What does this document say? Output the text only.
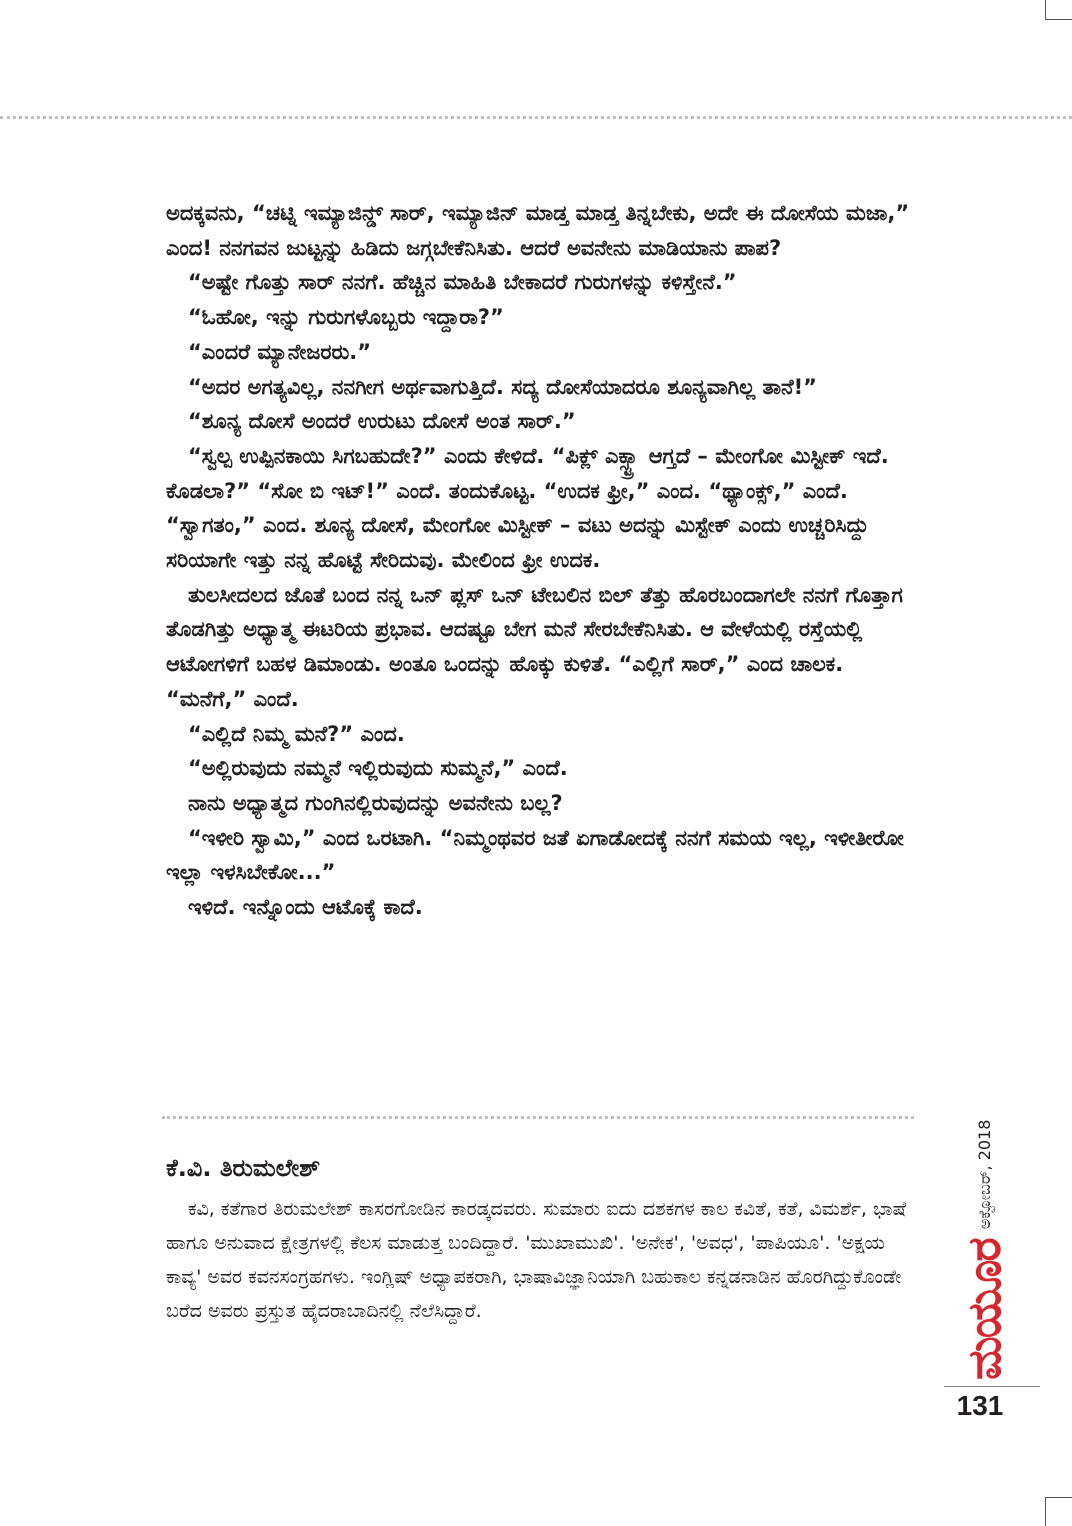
ಅದಕ್ಕವನು, “ಚಟ್ನಿ ಇಮ್ಯಾಜಿನ್ಡ್ ಸಾರ್, ಇಮ್ಯಾಜಿನ್ ಮಾಡ್ತ ಮಾಡ್ತ ತಿನ್ನಬೇಕು, ಅದೇ ಈ ದೋಸೆಯ ಮಜಾ,” ಎಂದ! ನನಗವನ ಜುಟ್ಟನ್ನು ಹಿಡಿದು ಜಗ್ಗಬೇಕೆನಿಸಿತು. ಆದರೆ ಅವನೇನು ಮಾಡಿಯಾನು ಪಾಪ?

“ಅಷ್ಟೇ ಗೊತ್ತು ಸಾರ್ ನನಗೆ. ಹೆಚ್ಚಿನ ಮಾಹಿತಿ ಬೇಕಾದರೆ ಗುರುಗಳನ್ನು ಕಳಿಸ್ತೇನೆ.”

“ಓಹೋ, ಇನ್ನು ಗುರುಗಳೊಬ್ಬರು ಇದ್ದಾರಾ?”

“ಎಂದರೆ ಮ್ಯಾನೇಜರರು.”

“ಅದರ ಅಗತ್ಯವಿಲ್ಲ, ನನಗೀಗ ಅರ್ಥವಾಗುತ್ತಿದೆ. ಸದ್ಯ ದೋಸೆಯಾದರೂ ಶೂನ್ಯವಾಗಿಲ್ಲ ತಾನೆ!”

“ಶೂನ್ಯ ದೋಸೆ ಅಂದರೆ ಉರುಟು ದೋಸೆ ಅಂತ ಸಾರ್.”

“ಸ್ವಲ್ಪ ಉಪ್ಪಿನಕಾಯಿ ಸಿಗಬಹುದೇ?” ಎಂದು ಕೇಳಿದೆ. “ಪಿಕ್ಲ್ ಎಕ್ಸ್ಟ್ರಾ ಆಗ್ತದೆ – ಮೇಂಗೋ ಮಿಸ್ಟೀಕ್ ಇದೆ. ಕೊಡಲಾ?” “ಸೋ ಬಿ ಇಟ್!” ಎಂದೆ. ತಂದುಕೊಟ್ಟ. “ಉದಕ ಫ್ರೀ,” ಎಂದ. “ಥ್ಯಾಂಕ್ಸ್,” ಎಂದೆ. “ಸ್ವಾಗತಂ,” ಎಂದ. ಶೂನ್ಯ ದೋಸೆ, ಮೇಂಗೋ ಮಿಸ್ಟೀಕ್ – ವಟು ಅದನ್ನು ಮಿಸ್ಟೇಕ್ ಎಂದು ಉಚ್ಚರಿಸಿದ್ದು ಸರಿಯಾಗೇ ಇತ್ತು ನನ್ನ ಹೊಟ್ಟೆ ಸೇರಿದುವು. ಮೇಲಿಂದ ಫ್ರೀ ಉದಕ.

ತುಲಸೀದಲದ ಜೊತೆ ಬಂದ ನನ್ನ ಒನ್ ಪ್ಲಸ್ ಒನ್ ಟೇಬಲಿನ ಬಿಲ್ ತೆತ್ತು ಹೊರಬಂದಾಗಲೇ ನನಗೆ ಗೊತ್ತಾಗ ತೊಡಗಿತ್ತು ಅಧ್ಯಾತ್ಮ ಈಟರಿಯ ಪ್ರಭಾವ. ಆದಷ್ಟೂ ಬೇಗ ಮನೆ ಸೇರಬೇಕೆನಿಸಿತು. ಆ ವೇಳೆಯಲ್ಲಿ ರಸ್ತೆಯಲ್ಲಿ ಆಟೋಗಳಿಗೆ ಬಹಳ ಡಿಮಾಂಡು. ಅಂತೂ ಒಂದನ್ನು ಹೊಕ್ಕು ಕುಳಿತೆ. “ಎಲ್ಲಿಗೆ ಸಾರ್,” ಎಂದ ಚಾಲಕ. “ಮನೆಗೆ,” ಎಂದೆ.

“ಎಲ್ಲಿದೆ ನಿಮ್ಮ ಮನೆ?” ಎಂದ.

“ಅಲ್ಲಿರುವುದು ನಮ್ಮನೆ ಇಲ್ಲಿರುವುದು ಸುಮ್ಮನೆ,” ಎಂದೆ.

ನಾನು ಅಧ್ಯಾತ್ಮದ ಗುಂಗಿನಲ್ಲಿರುವುದನ್ನು ಅವನೇನು ಬಲ್ಲ?

“ಇಳೀರಿ ಸ್ವಾಮಿ,” ಎಂದ ಒರಟಾಗಿ. “ನಿಮ್ಮಂಥವರ ಜತೆ ಏಗಾಡೋದಕ್ಕೆ ನನಗೆ ಸಮಯ ಇಲ್ಲ, ಇಳೀತೀರೋ ಇಲ್ಲಾ ಇಳಸಿಬೇಕೋ...”

ಇಳಿದೆ. ಇನ್ನೊಂದು ಆಟೊಕ್ಕೆ ಕಾದೆ.

ಕೆ.ವಿ. ತಿರುಮಲೇಶ್

ಕವಿ, ಕತೆಗಾರ ತಿರುಮಲೇಶ್ ಕಾಸರಗೋಡಿನ ಕಾರಡ್ಕದವರು. ಸುಮಾರು ಐದು ದಶಕಗಳ ಕಾಲ ಕವಿತೆ, ಕತೆ, ವಿಮರ್ಶೆ, ಭಾಷೆ ಹಾಗೂ ಅನುವಾದ ಕ್ಷೇತ್ರಗಳಲ್ಲಿ ಕೆಲಸ ಮಾಡುತ್ತ ಬಂದಿದ್ದಾರೆ. 'ಮುಖಾಮುಖಿ'. 'ಅನೇಕ', 'ಅವಧ', 'ಪಾಪಿಯೂ'. 'ಅಕ್ಷಯ ಕಾವ್ಯ' ಅವರ ಕವನಸಂಗ್ರಹಗಳು. ಇಂಗ್ಲಿಷ್ ಅಧ್ಯಾಪಕರಾಗಿ, ಭಾಷಾವಿಜ್ಞಾನಿಯಾಗಿ ಬಹುಕಾಲ ಕನ್ನಡನಾಡಿನ ಹೊರಗಿದ್ದುಕೊಂಡೇ ಬರೆದ ಅವರು ಪ್ರಸ್ತುತ ಹೈದರಾಬಾದಿನಲ್ಲಿ ನೆಲೆಸಿದ್ದಾರೆ.	ಮಯೂರ
ಅಕ್ಟೋಬರ್, 2018
131
